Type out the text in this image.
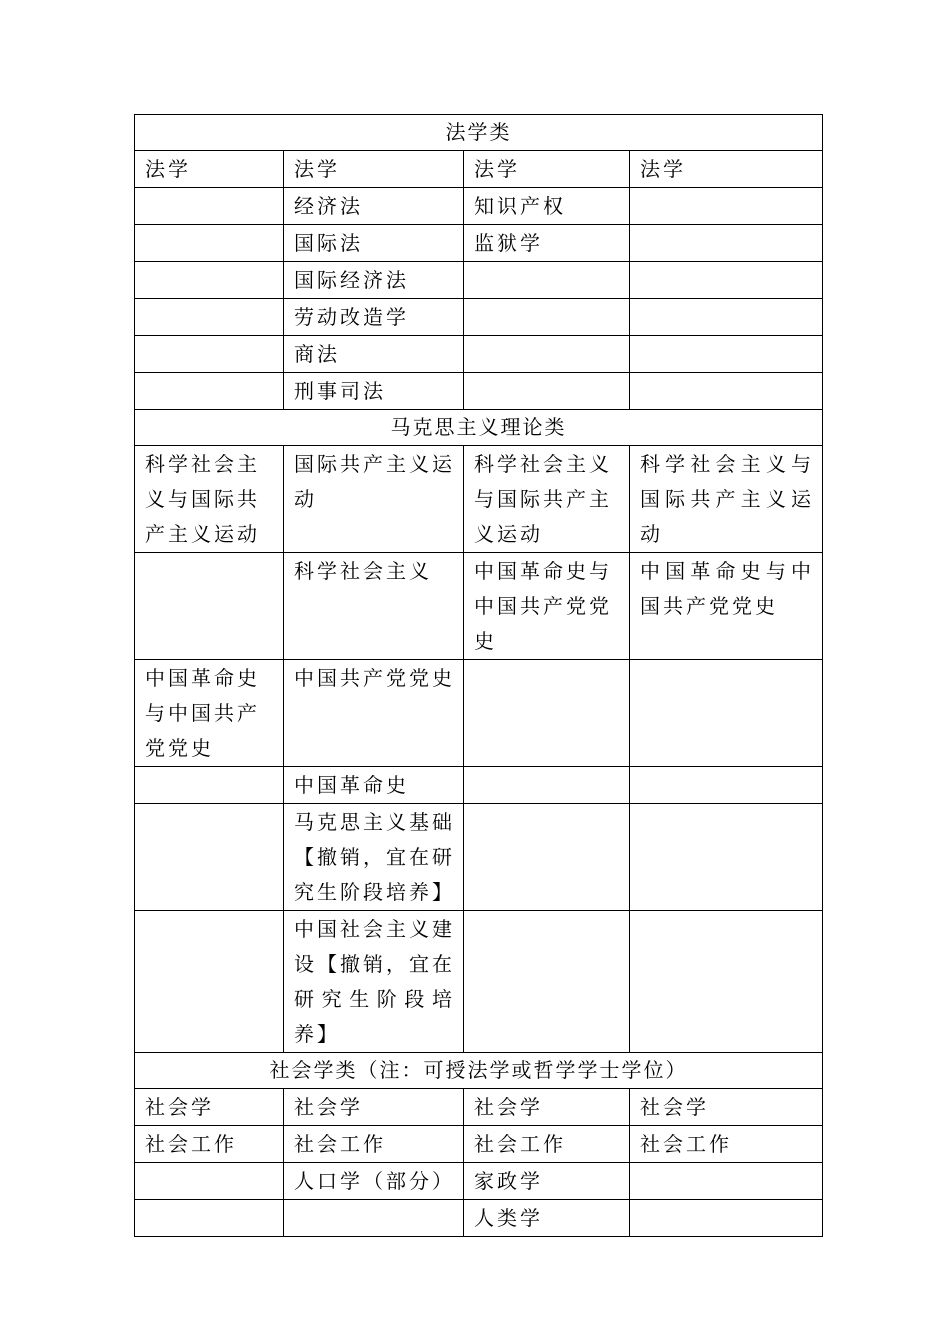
法学类			
法学	法学	法学	法学
	经济法	知识产权	
	国际法	监狱学	
	国际经济法		
	劳动改造学		
	商法		
	刑事司法		
马克思主义理论类			
科学社会主义与国际共产主义运动	国际共产主义运动	科学社会主义与国际共产主义运动	科学社会主义与国际共产主义运动
	科学社会主义	中国革命史与中国共产党党史	中国革命史与中国共产党党史
中国革命史与中国共产党党史	中国共产党党史		
	中国革命史		
	马克思主义基础【撤销，宜在研究生阶段培养】		
	中国社会主义建设【撤销，宜在研究生阶段培养】		
社会学类（注：可授法学或哲学学士学位）			
社会学	社会学	社会学	社会学
社会工作	社会工作	社会工作	社会工作
	人口学（部分）	家政学	
		人类学	
